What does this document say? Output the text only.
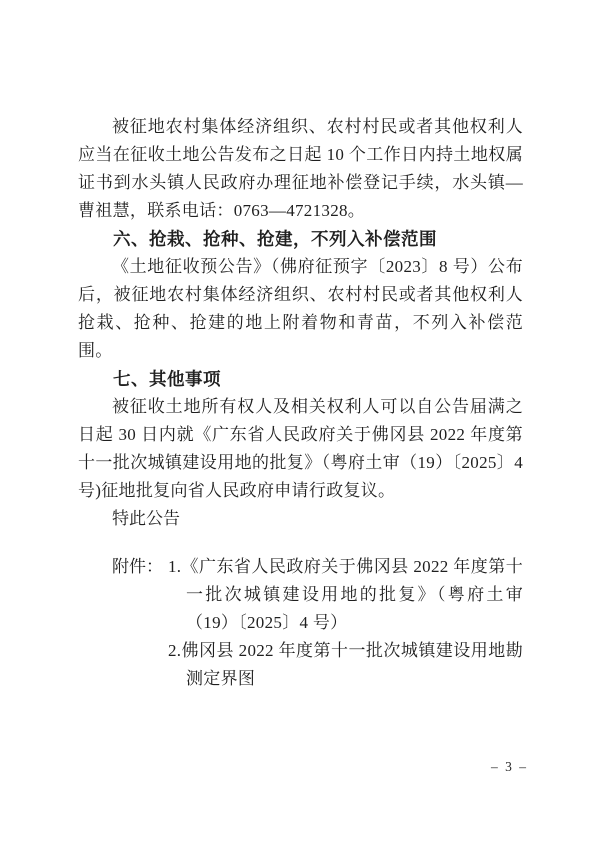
被征地农村集体经济组织、农村村民或者其他权利人应当在征收土地公告发布之日起 10 个工作日内持土地权属证书到水头镇人民政府办理征地补偿登记手续，水头镇—曹祖慧，联系电话：0763—4721328。

六、抢栽、抢种、抢建，不列入补偿范围

《土地征收预公告》（佛府征预字〔2023〕8 号）公布后，被征地农村集体经济组织、农村村民或者其他权利人抢栽、抢种、抢建的地上附着物和青苗，不列入补偿范围。

七、其他事项

被征收土地所有权人及相关权利人可以自公告届满之日起 30 日内就《广东省人民政府关于佛冈县 2022 年度第十一批次城镇建设用地的批复》（粤府土审（19）〔2025〕4 号)征地批复向省人民政府申请行政复议。

特此公告

附件： 1.《广东省人民政府关于佛冈县 2022 年度第十一批次城镇建设用地的批复》（粤府土审（19）〔2025〕4 号）
2.佛冈县 2022 年度第十一批次城镇建设用地勘测定界图
– 3 –
